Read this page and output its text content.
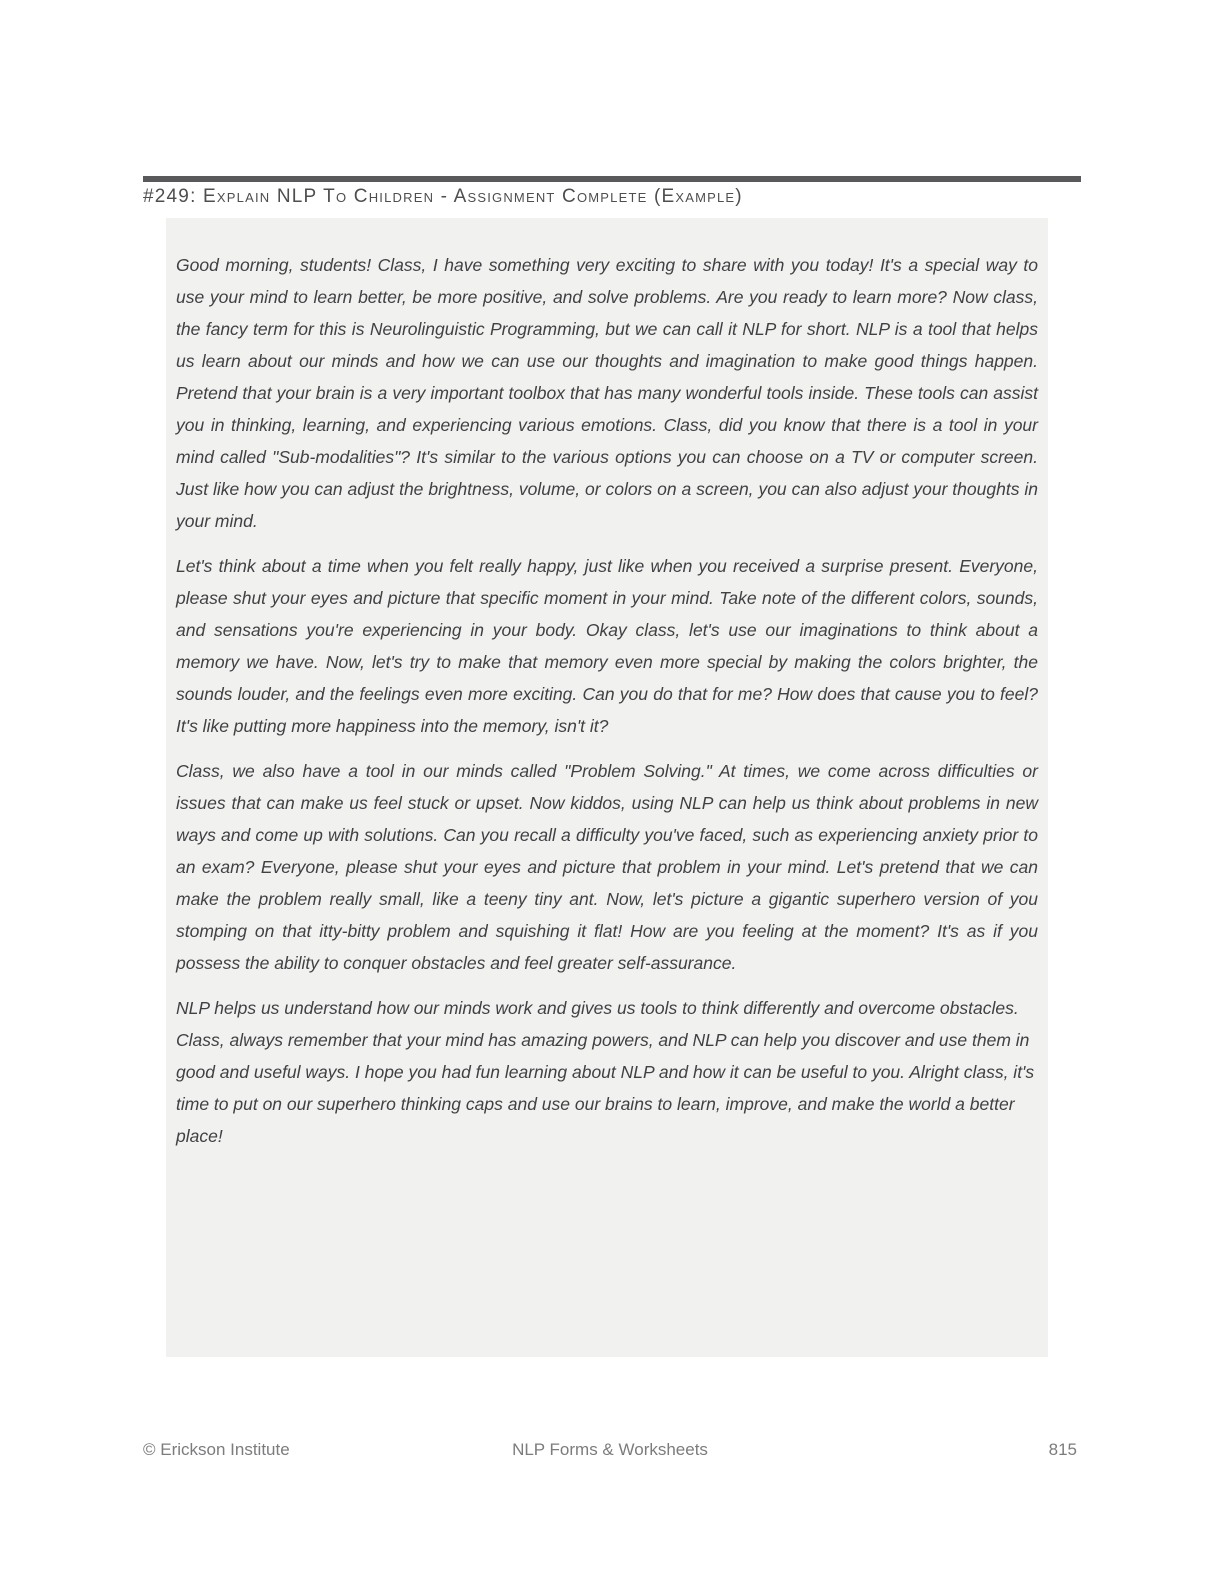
#249: Explain NLP To Children - Assignment Complete (Example)

Good morning, students! Class, I have something very exciting to share with you today! It's a special way to use your mind to learn better, be more positive, and solve problems. Are you ready to learn more? Now class, the fancy term for this is Neurolinguistic Programming, but we can call it NLP for short. NLP is a tool that helps us learn about our minds and how we can use our thoughts and imagination to make good things happen. Pretend that your brain is a very important toolbox that has many wonderful tools inside. These tools can assist you in thinking, learning, and experiencing various emotions. Class, did you know that there is a tool in your mind called "Sub-modalities"? It's similar to the various options you can choose on a TV or computer screen. Just like how you can adjust the brightness, volume, or colors on a screen, you can also adjust your thoughts in your mind.

Let's think about a time when you felt really happy, just like when you received a surprise present. Everyone, please shut your eyes and picture that specific moment in your mind. Take note of the different colors, sounds, and sensations you're experiencing in your body. Okay class, let's use our imaginations to think about a memory we have. Now, let's try to make that memory even more special by making the colors brighter, the sounds louder, and the feelings even more exciting. Can you do that for me? How does that cause you to feel? It's like putting more happiness into the memory, isn't it?

Class, we also have a tool in our minds called "Problem Solving." At times, we come across difficulties or issues that can make us feel stuck or upset. Now kiddos, using NLP can help us think about problems in new ways and come up with solutions. Can you recall a difficulty you've faced, such as experiencing anxiety prior to an exam? Everyone, please shut your eyes and picture that problem in your mind. Let's pretend that we can make the problem really small, like a teeny tiny ant. Now, let's picture a gigantic superhero version of you stomping on that itty-bitty problem and squishing it flat! How are you feeling at the moment? It's as if you possess the ability to conquer obstacles and feel greater self-assurance.

NLP helps us understand how our minds work and gives us tools to think differently and overcome obstacles. Class, always remember that your mind has amazing powers, and NLP can help you discover and use them in good and useful ways. I hope you had fun learning about NLP and how it can be useful to you. Alright class, it's time to put on our superhero thinking caps and use our brains to learn, improve, and make the world a better place!

© Erickson Institute	NLP Forms & Worksheets	815
